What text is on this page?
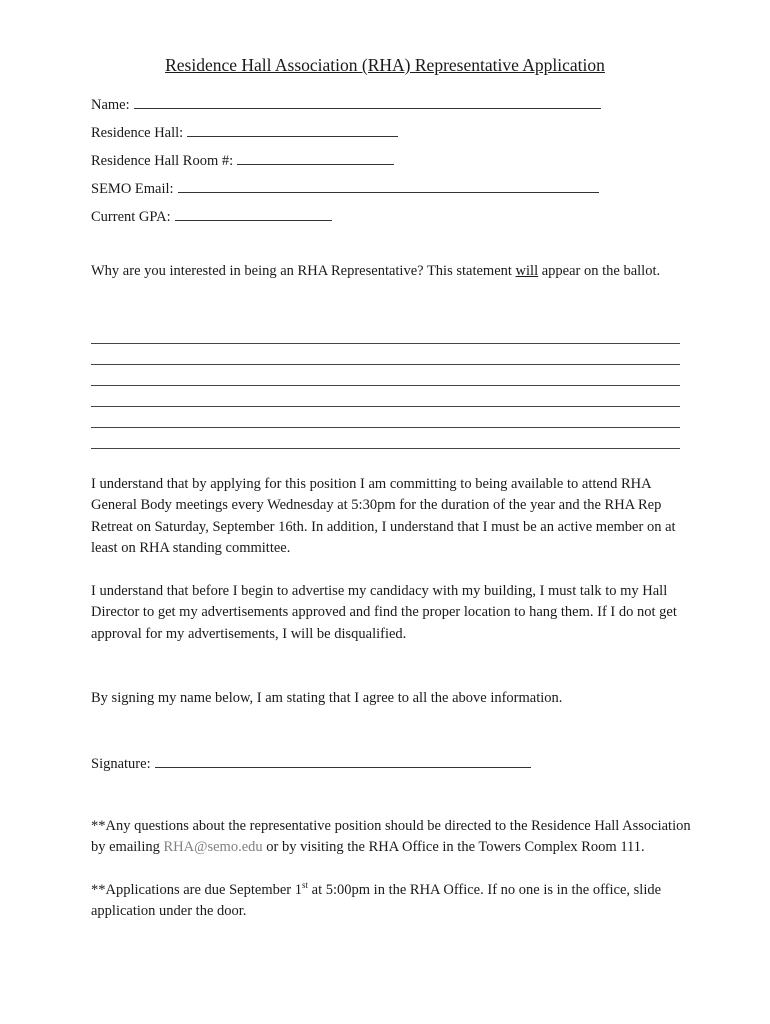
Residence Hall Association (RHA) Representative Application
Name:
Residence Hall:
Residence Hall Room #:
SEMO Email:
Current GPA:
Why are you interested in being an RHA Representative? This statement will appear on the ballot.
I understand that by applying for this position I am committing to being available to attend RHA General Body meetings every Wednesday at 5:30pm for the duration of the year and the RHA Rep Retreat on Saturday, September 16th. In addition, I understand that I must be an active member on at least on RHA standing committee.
I understand that before I begin to advertise my candidacy with my building, I must talk to my Hall Director to get my advertisements approved and find the proper location to hang them. If I do not get approval for my advertisements, I will be disqualified.
By signing my name below, I am stating that I agree to all the above information.
Signature:
**Any questions about the representative position should be directed to the Residence Hall Association by emailing RHA@semo.edu or by visiting the RHA Office in the Towers Complex Room 111.
**Applications are due September 1st at 5:00pm in the RHA Office. If no one is in the office, slide application under the door.
